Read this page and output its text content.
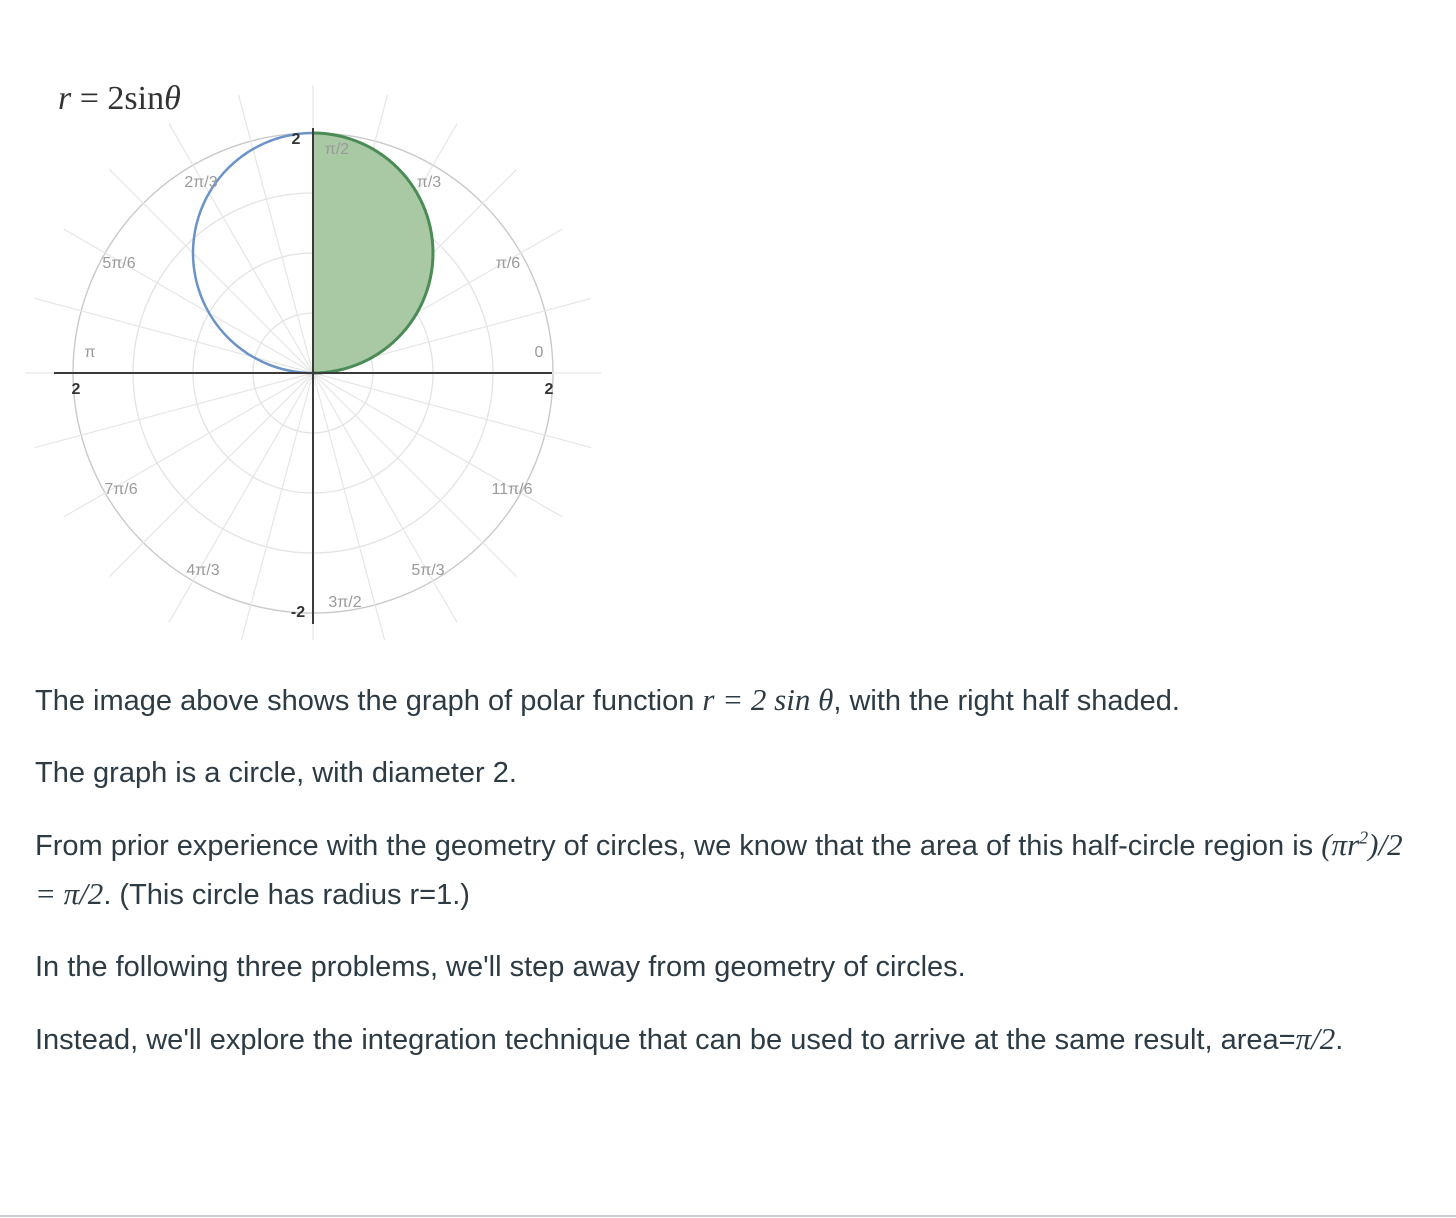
r = 2sinθ
0
π/6
π/3
π/2
2π/3
5π/6
π
7π/6
4π/3
3π/2
5π/3
11π/6
2	2
2
-2

The image above shows the graph of polar function r = 2 sin θ, with the right half shaded.

The graph is a circle, with diameter 2.

From prior experience with the geometry of circles, we know that the area of this half-circle region is $(\pi r^2)/2 = \pi/2$. (This circle has radius r=1.)

In the following three problems, we'll step away from geometry of circles.

Instead, we'll explore the integration technique that can be used to arrive at the same result, area=π/2.
